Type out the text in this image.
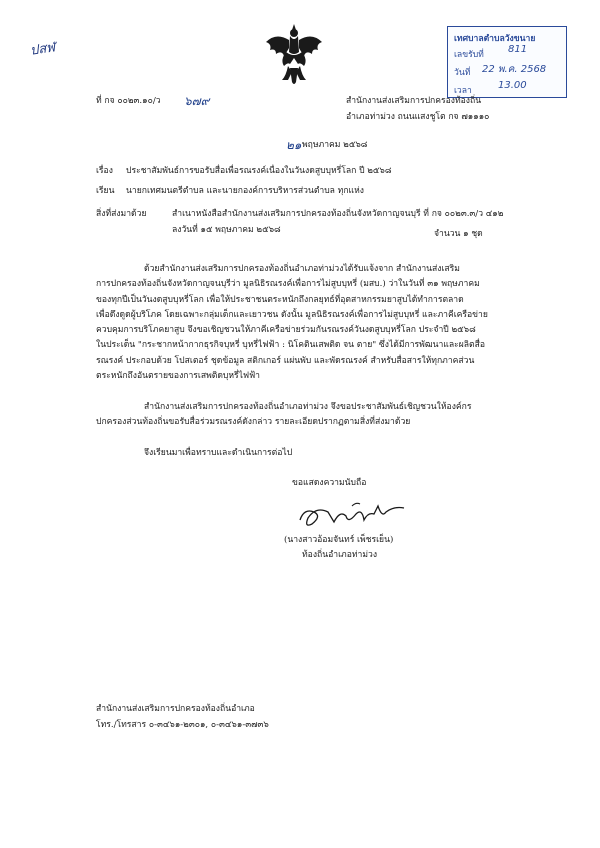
ปสฬ
เทศบาลตำบลวังขนาย
เลขรับที่ 811
วันที่ 22 พ.ค. 2568
เวลา	13.00
ที่ กจ ๐๐๒๓.๑๐/ว ๖๗๙	สำนักงานส่งเสริมการปกครองท้องถิ่น
อำเภอท่าม่วง ถนนแสงชูโต กจ ๗๑๑๑๐
๒๑ พฤษภาคม ๒๕๖๘
เรื่อง ประชาสัมพันธ์การขอรับสื่อเพื่อรณรงค์เนื่องในวันงดสูบบุหรี่โลก ปี ๒๕๖๘
เรียน นายกเทศมนตรีตำบล และนายกองค์การบริหารส่วนตำบล ทุกแห่ง
สิ่งที่ส่งมาด้วย	สำเนาหนังสือสำนักงานส่งเสริมการปกครองท้องถิ่นจังหวัดกาญจนบุรี ที่ กจ ๐๐๒๓.๓/ว ๔๑๒
ลงวันที่ ๑๕ พฤษภาคม ๒๕๖๘	จำนวน ๑ ชุด
ด้วยสำนักงานส่งเสริมการปกครองท้องถิ่นอำเภอท่าม่วงได้รับแจ้งจาก สำนักงานส่งเสริม
การปกครองท้องถิ่นจังหวัดกาญจนบุรีว่า มูลนิธิรณรงค์เพื่อการไม่สูบบุหรี่ (มสบ.) ว่าในวันที่ ๓๑ พฤษภาคม
ของทุกปีเป็นวันงดสูบบุหรี่โลก เพื่อให้ประชาชนตระหนักถึงกลยุทธ์ที่อุตสาหกรรมยาสูบได้ทำการตลาด
เพื่อดึงดูดผู้บริโภค โดยเฉพาะกลุ่มเด็กและเยาวชน ดังนั้น มูลนิธิรณรงค์เพื่อการไม่สูบบุหรี่ และภาคีเครือข่าย
ควบคุมการบริโภคยาสูบ จึงขอเชิญชวนให้ภาคีเครือข่ายร่วมกันรณรงค์วันงดสูบบุหรี่โลก ประจำปี ๒๕๖๘
ในประเด็น "กระชากหน้ากากธุรกิจบุหรี่ บุหรี่ไฟฟ้า : นิโคตินเสพติด จน ตาย" ซึ่งได้มีการพัฒนาและผลิตสื่อ
รณรงค์ ประกอบด้วย โปสเตอร์ ชุดข้อมูล สติกเกอร์ แผ่นพับ และพัดรณรงค์ สำหรับสื่อสารให้ทุกภาคส่วน
ตระหนักถึงอันตรายของการเสพติดบุหรี่ไฟฟ้า
สำนักงานส่งเสริมการปกครองท้องถิ่นอำเภอท่าม่วง จึงขอประชาสัมพันธ์เชิญชวนให้องค์กร
ปกครองส่วนท้องถิ่นขอรับสื่อร่วมรณรงค์ดังกล่าว รายละเอียดปรากฏตามสิ่งที่ส่งมาด้วย
จึงเรียนมาเพื่อทราบและดำเนินการต่อไป
ขอแสดงความนับถือ
(นางสาวอ้อมจันทร์ เพ็ชรเย็น)
ท้องถิ่นอำเภอท่าม่วง
สำนักงานส่งเสริมการปกครองท้องถิ่นอำเภอ
โทร./โทรสาร ๐-๓๔๖๑-๒๓๐๑, ๐-๓๔๖๑-๓๗๓๖
